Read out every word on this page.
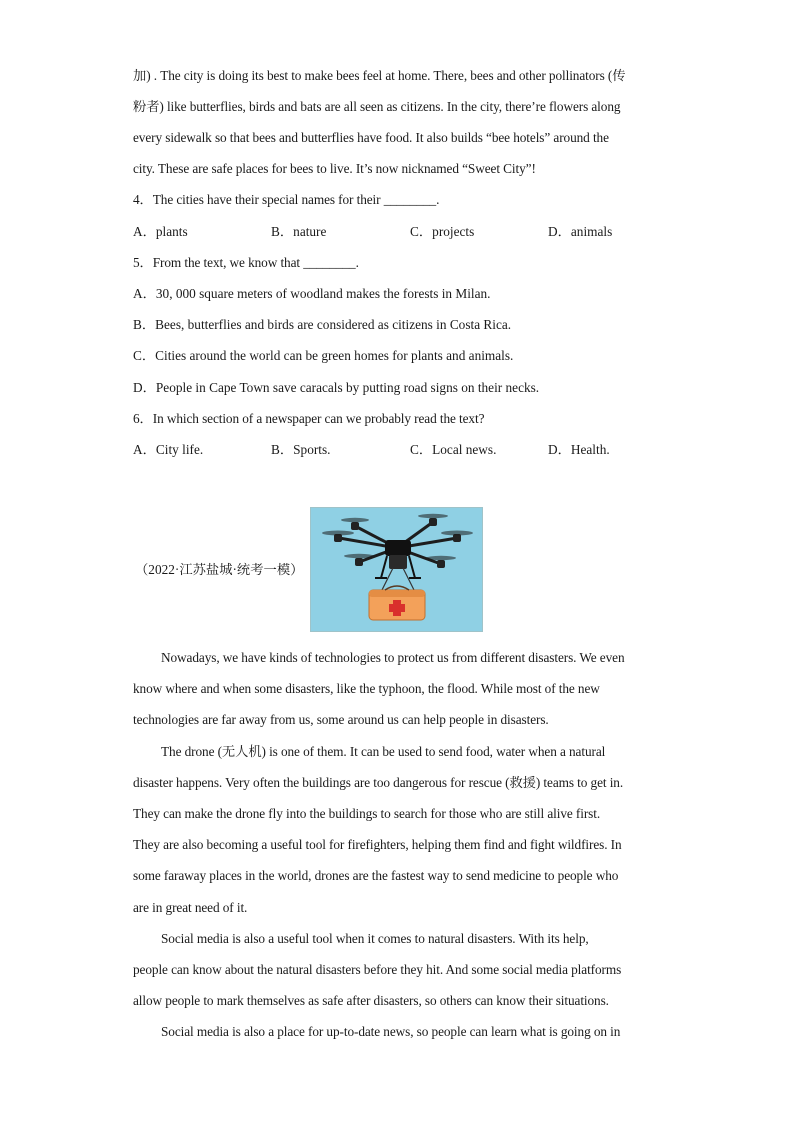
加) . The city is doing its best to make bees feel at home. There, bees and other pollinators (传
粉者) like butterflies, birds and bats are all seen as citizens. In the city, there’re flowers along
every sidewalk so that bees and butterflies have food. It also builds “bee hotels” around the
city. These are safe places for bees to live. It’s now nicknamed “Sweet City”!
4．The cities have their special names for their ________.
A．plants	B．nature	C．projects	D．animals
5．From the text, we know that ________.
A．30, 000 square meters of woodland makes the forests in Milan.
B．Bees, butterflies and birds are considered as citizens in Costa Rica.
C．Cities around the world can be green homes for plants and animals.
D．People in Cape Town save caracals by putting road signs on their necks.
6．In which section of a newspaper can we probably read the text?
A．City life.	B．Sports.	C．Local news.	D．Health.
（2022·江苏盐城·统考一模）
Nowadays, we have kinds of technologies to protect us from different disasters. We even
know where and when some disasters, like the typhoon, the flood. While most of the new
technologies are far away from us, some around us can help people in disasters.
The drone (无人机) is one of them. It can be used to send food, water when a natural
disaster happens. Very often the buildings are too dangerous for rescue (救援) teams to get in.
They can make the drone fly into the buildings to search for those who are still alive first.
They are also becoming a useful tool for firefighters, helping them find and fight wildfires. In
some faraway places in the world, drones are the fastest way to send medicine to people who
are in great need of it.
Social media is also a useful tool when it comes to natural disasters. With its help,
people can know about the natural disasters before they hit. And some social media platforms
allow people to mark themselves as safe after disasters, so others can know their situations.
Social media is also a place for up-to-date news, so people can learn what is going on in
